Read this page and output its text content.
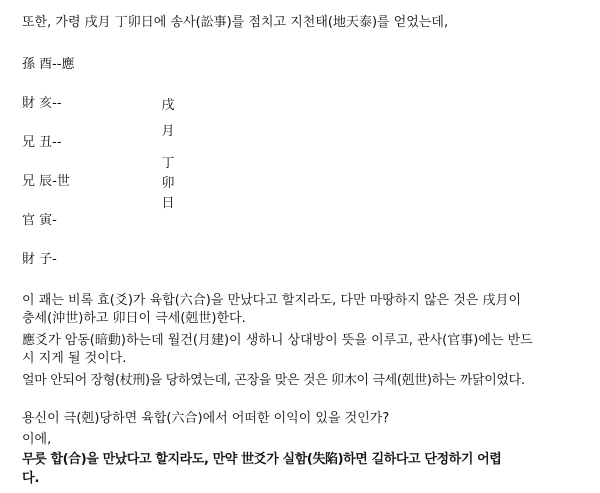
또한, 가령 戌月 丁卯日에 송사(訟事)를 점치고 지천태(地天泰)를 얻었는데,
孫 酉--應
財 亥--
兄 丑--
兄 辰-世
官 寅-
財 子-
戌
月
丁
卯
日
이 괘는 비록 효(爻)가 육합(六合)을 만났다고 할지라도, 다만 마땅하지 않은 것은 戌月이
충세(沖世)하고 卯日이 극세(剋世)한다.
應爻가 암동(暗動)하는데 월건(月建)이 생하니 상대방이 뜻을 이루고, 관사(官事)에는 반드
시 지게 될 것이다.
얼마 안되어 장형(杖刑)을 당하였는데, 곤장을 맞은 것은 卯木이 극세(剋世)하는 까닭이었다.
용신이 극(剋)당하면 육합(六合)에서 어떠한 이익이 있을 것인가?
이에,
무릇 합(合)을 만났다고 할지라도, 만약 世爻가 실함(失陷)하면 길하다고 단정하기 어렵
다.
